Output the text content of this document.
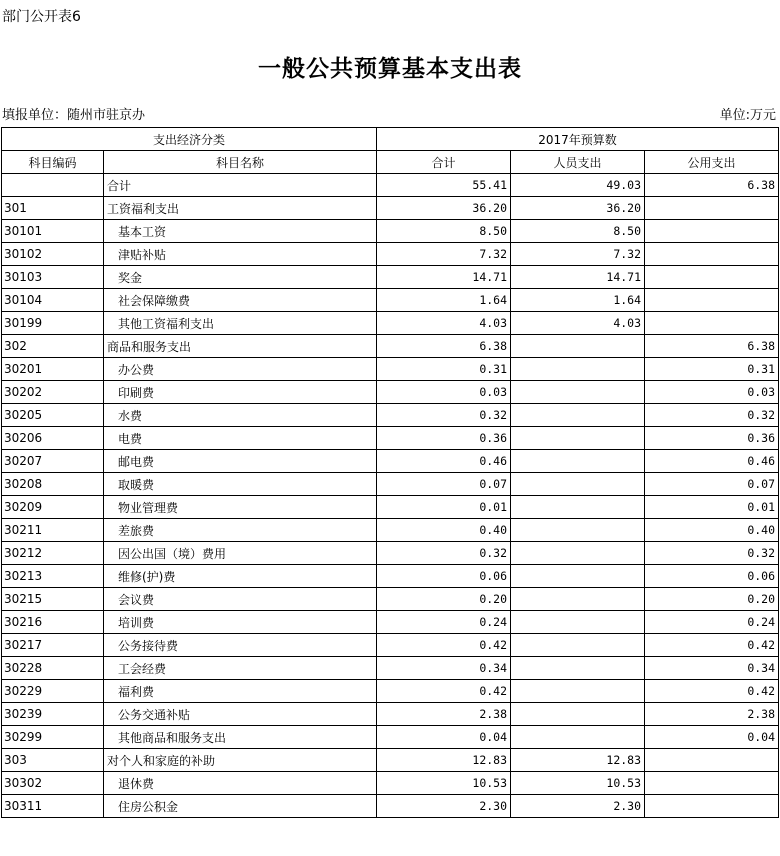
部门公开表6
一般公共预算基本支出表
填报单位：随州市驻京办	单位:万元
支出经济分类		2017年预算数		
科目编码	科目名称	合计	人员支出	公用支出
	合计	55.41	49.03	6.38
301	工资福利支出	36.20	36.20	
30101	基本工资	8.50	8.50	
30102	津贴补贴	7.32	7.32	
30103	奖金	14.71	14.71	
30104	社会保障缴费	1.64	1.64	
30199	其他工资福利支出	4.03	4.03	
302	商品和服务支出	6.38		6.38
30201	办公费	0.31		0.31
30202	印刷费	0.03		0.03
30205	水费	0.32		0.32
30206	电费	0.36		0.36
30207	邮电费	0.46		0.46
30208	取暖费	0.07		0.07
30209	物业管理费	0.01		0.01
30211	差旅费	0.40		0.40
30212	因公出国（境）费用	0.32		0.32
30213	维修(护)费	0.06		0.06
30215	会议费	0.20		0.20
30216	培训费	0.24		0.24
30217	公务接待费	0.42		0.42
30228	工会经费	0.34		0.34
30229	福利费	0.42		0.42
30239	公务交通补贴	2.38		2.38
30299	其他商品和服务支出	0.04		0.04
303	对个人和家庭的补助	12.83	12.83	
30302	退休费	10.53	10.53	
30311	住房公积金	2.30	2.30	
